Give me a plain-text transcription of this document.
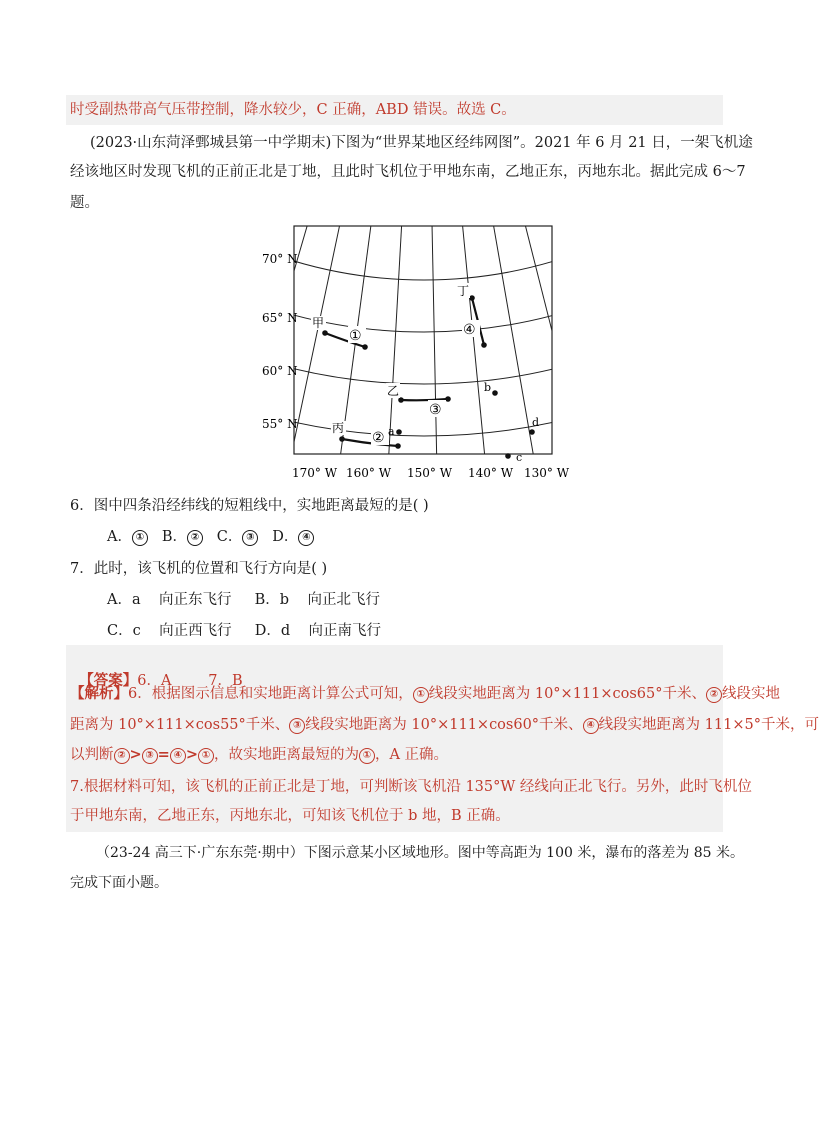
时受副热带高气压带控制，降水较少，C 正确，ABD 错误。故选 C。
(2023·山东菏泽鄄城县第一中学期末)下图为“世界某地区经纬网图”。2021 年 6 月 21 日，一架飞机途
经该地区时发现飞机的正前正北是丁地，且此时飞机位于甲地东南，乙地正东，丙地东北。据此完成 6～7
题。
70° N
65° N
60° N
55° N
170° W 160° W 150° W 140° W 130° W
甲
乙
丙
丁
①
②
③
④
a
b
c
d
6．图中四条沿经纬线的短粗线中，实地距离最短的是( )
A． ① B． ② C． ③ D． ④
7．此时，该飞机的位置和飞行方向是( )
A．a    向正东飞行     B．b    向正北飞行
C．c    向正西飞行     D．d    向正南飞行

【答案】6．A        7．B

【解析】6．根据图示信息和实地距离计算公式可知， ① 线段实地距离为 10°×111×cos65°千米、 ② 线段实地
距离为 10°×111×cos55°千米、 ③ 线段实地距离为 10°×111×cos60°千米、 ④ 线段实地距离为 111×5°千米，可
以判断 ② > ③ = ④ > ① ，故实地距离最短的为 ① ，A 正确。
7.根据材料可知，该飞机的正前正北是丁地，可判断该飞机沿 135°W 经线向正北飞行。另外，此时飞机位
于甲地东南，乙地正东，丙地东北，可知该飞机位于 b 地，B 正确。
（23-24 高三下·广东东莞·期中）下图示意某小区域地形。图中等高距为 100 米，瀑布的落差为 85 米。
完成下面小题。
